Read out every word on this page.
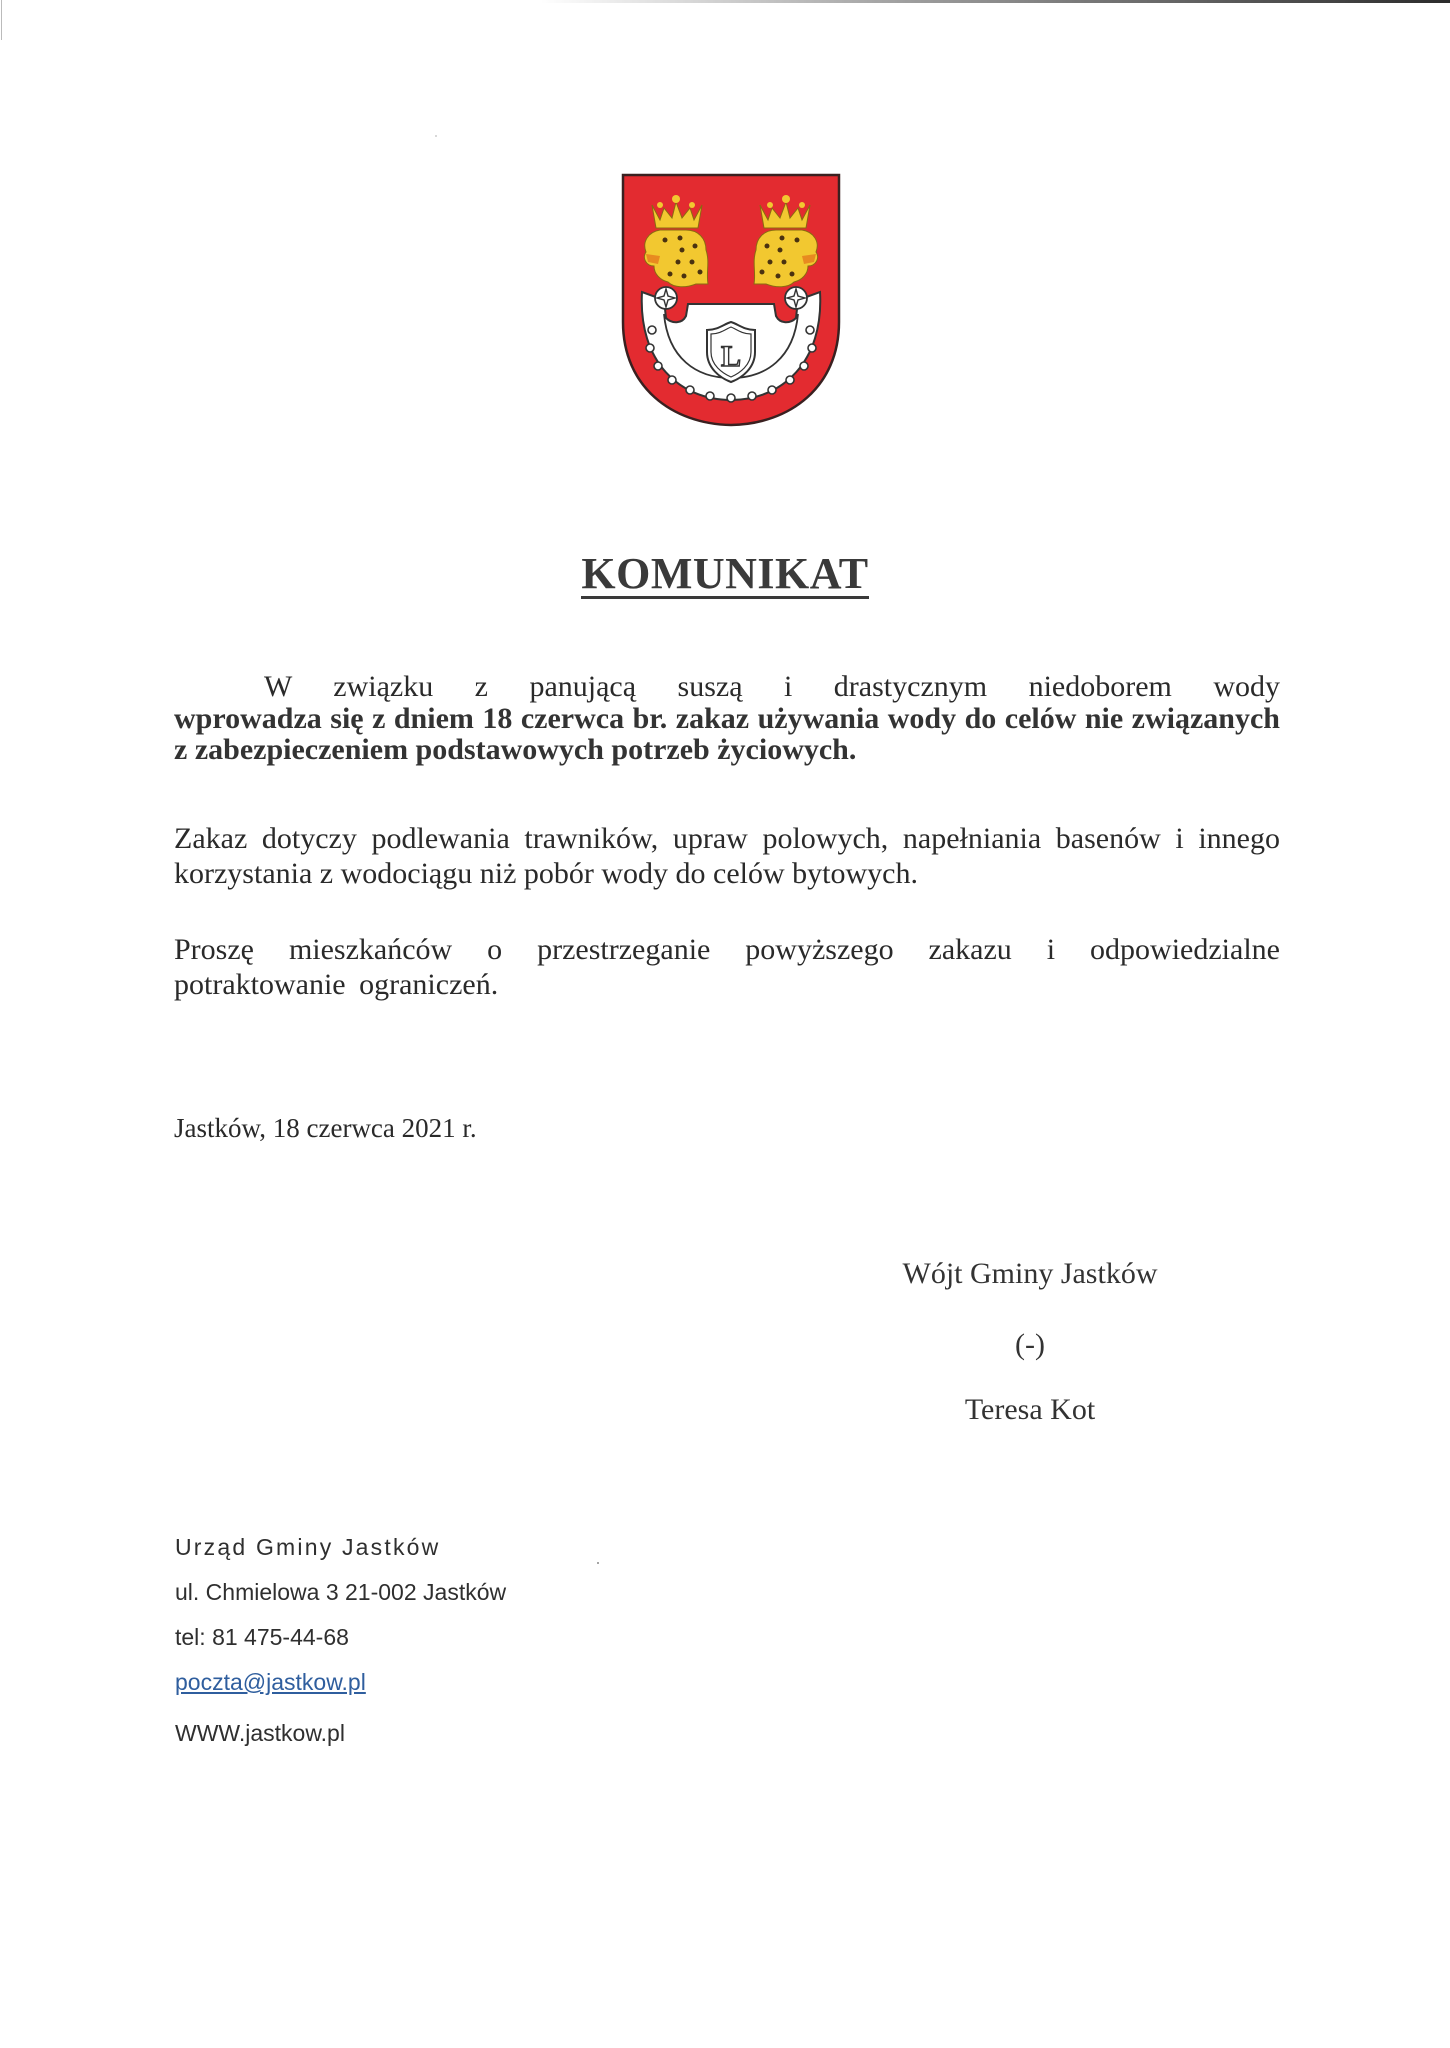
L
KOMUNIKAT
W związku z panującą suszą i drastycznym niedoborem wody
wprowadza się z dniem 18 czerwca br. zakaz używania wody do celów nie związanych z zabezpieczeniem podstawowych potrzeb życiowych.
Zakaz dotyczy podlewania trawników, upraw polowych, napełniania basenów i innego korzystania z wodociągu niż pobór wody do celów bytowych.
Proszę mieszkańców o przestrzeganie powyższego zakazu i odpowiedzialne potraktowanie ograniczeń.
Jastków, 18 czerwca 2021 r.
Wójt Gminy Jastków
(-)
Teresa Kot
Urząd Gminy Jastków
ul. Chmielowa 3 21-002 Jastków
tel: 81 475-44-68
poczta@jastkow.pl
WWW.jastkow.pl
